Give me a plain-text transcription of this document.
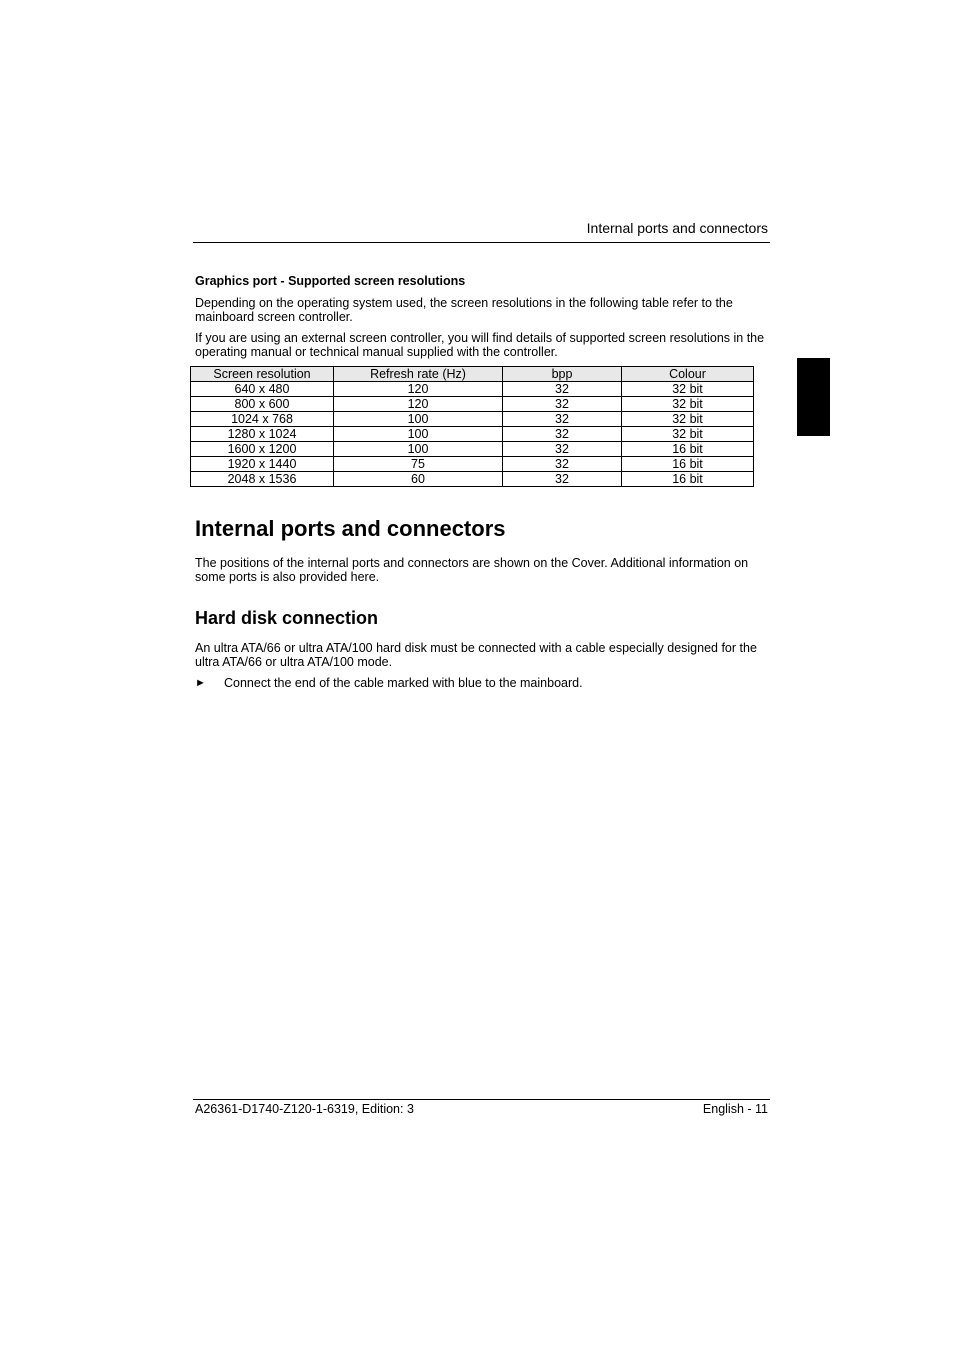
Internal ports and connectors
Graphics port - Supported screen resolutions
Depending on the operating system used, the screen resolutions in the following table refer to the mainboard screen controller.
If you are using an external screen controller, you will find details of supported screen resolutions in the operating manual or technical manual supplied with the controller.
Screen resolution	Refresh rate (Hz)	bpp	Colour
640 x 480	120	32	32 bit
800 x 600	120	32	32 bit
1024 x 768	100	32	32 bit
1280 x 1024	100	32	32 bit
1600 x 1200	100	32	16 bit
1920 x 1440	75	32	16 bit
2048 x 1536	60	32	16 bit
Internal ports and connectors
The positions of the internal ports and connectors are shown on the Cover. Additional information on some ports is also provided here.
Hard disk connection
An ultra ATA/66 or ultra ATA/100 hard disk must be connected with a cable especially designed for the ultra ATA/66 or ultra ATA/100 mode.
► Connect the end of the cable marked with blue to the mainboard.
A26361-D1740-Z120-1-6319, Edition: 3	English - 11
